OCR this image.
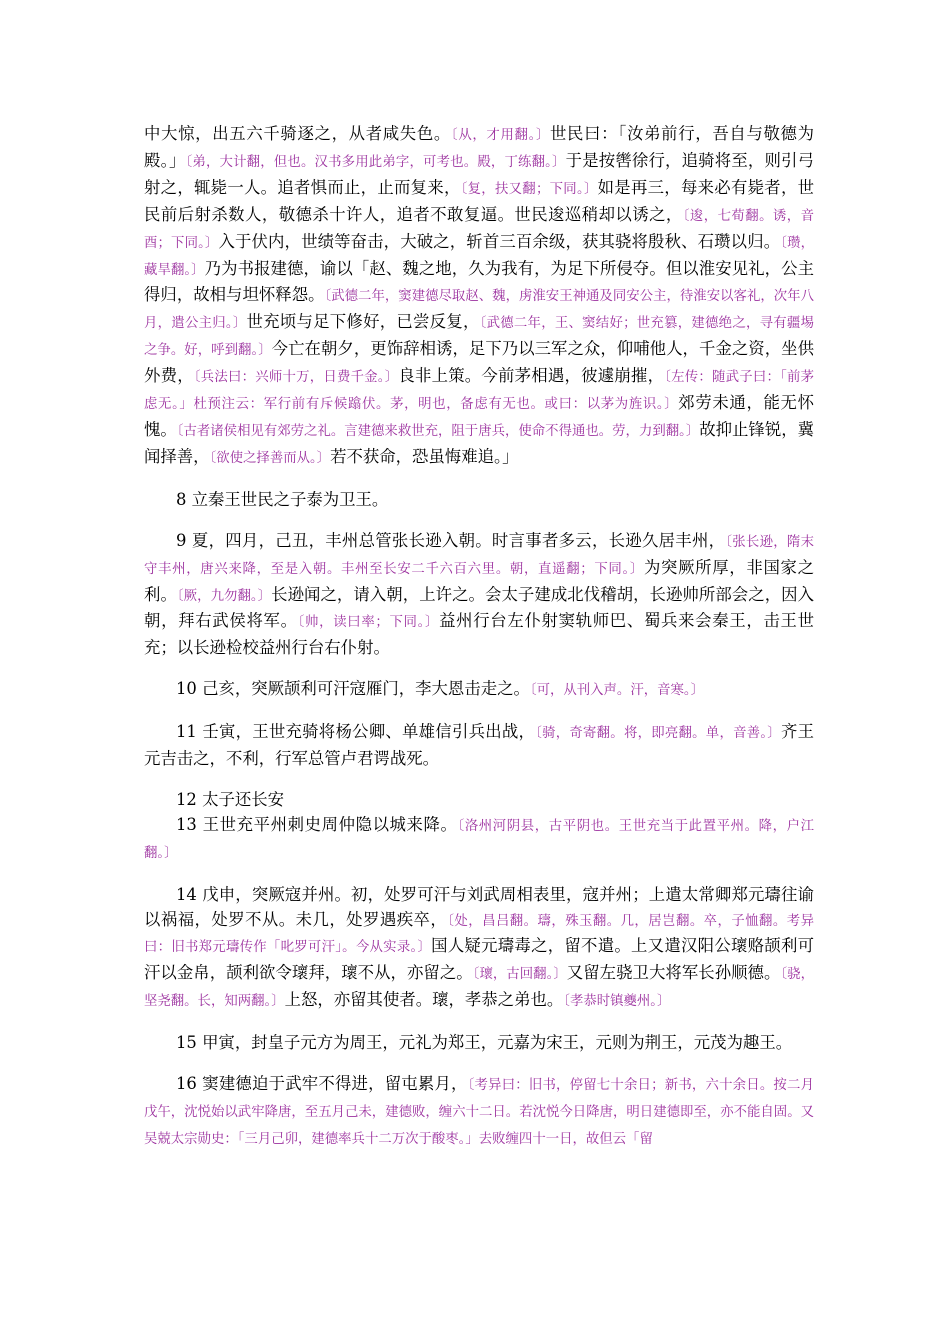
中大惊，出五六千骑逐之，从者咸失色。〔从，才用翻。〕世民曰：「汝弟前行，吾自与敬德为殿。」〔弟，大计翻，但也。汉书多用此弟字，可考也。殿，丁练翻。〕于是按辔徐行，追骑将至，则引弓射之，辄毙一人。追者惧而止，止而复来，〔复，扶又翻；下同。〕如是再三，每来必有毙者，世民前后射杀数人，敬德杀十许人，追者不敢复逼。世民逡巡稍却以诱之，〔逡，七荀翻。诱，音酉；下同。〕入于伏内，世绩等奋击，大破之，斩首三百余级，获其骁将殷秋、石瓒以归。〔瓒，藏旱翻。〕乃为书报建德，谕以「赵、魏之地，久为我有，为足下所侵夺。但以淮安见礼，公主得归，故相与坦怀释怨。〔武德二年，窦建德尽取赵、魏，虏淮安王神通及同安公主，待淮安以客礼，次年八月，遣公主归。〕世充顷与足下修好，已尝反复，〔武德二年，王、窦结好；世充篡，建德绝之，寻有疆埸之争。好，呼到翻。〕今亡在朝夕，更饰辞相诱，足下乃以三军之众，仰哺他人，千金之资，坐供外费，〔兵法曰：兴师十万，日费千金。〕良非上策。今前茅相遇，彼遽崩摧，〔左传：随武子曰：「前茅虑无。」杜预注云：军行前有斥候蹹伏。茅，明也，备虑有无也。或曰：以茅为旌识。〕郊劳未通，能无怀愧。〔古者诸侯相见有郊劳之礼。言建德来救世充，阻于唐兵，使命不得通也。劳，力到翻。〕故抑止锋锐，冀闻择善，〔欲使之择善而从。〕若不获命，恐虽悔难追。」

8 立秦王世民之子泰为卫王。

9 夏，四月，己丑，丰州总管张长逊入朝。时言事者多云，长逊久居丰州，〔张长逊，隋末守丰州，唐兴来降，至是入朝。丰州至长安二千六百六里。朝，直遥翻；下同。〕为突厥所厚，非国家之利。〔厥，九勿翻。〕长逊闻之，请入朝，上许之。会太子建成北伐稽胡，长逊帅所部会之，因入朝，拜右武侯将军。〔帅，读曰率；下同。〕益州行台左仆射窦轨师巴、蜀兵来会秦王，击王世充；以长逊检校益州行台右仆射。

10 己亥，突厥颉利可汗寇雁门，李大恩击走之。〔可，从刊入声。汗，音寒。〕

11 壬寅，王世充骑将杨公卿、单雄信引兵出战，〔骑，奇寄翻。将，即亮翻。单，音善。〕齐王元吉击之，不利，行军总管卢君谔战死。

12 太子还长安

13 王世充平州刺史周仲隐以城来降。〔洛州河阴县，古平阴也。王世充当于此置平州。降，户江翻。〕

14 戊申，突厥寇并州。初，处罗可汗与刘武周相表里，寇并州；上遣太常卿郑元璹往谕以祸福，处罗不从。未几，处罗遇疾卒，〔处，昌吕翻。璹，殊玉翻。几，居岂翻。卒，子恤翻。考异曰：旧书郑元璹传作「叱罗可汗」。今从实录。〕国人疑元璹毒之，留不遣。上又遣汉阳公瓌赂颉利可汗以金帛，颉利欲令瓌拜，瓌不从，亦留之。〔瓌，古回翻。〕又留左骁卫大将军长孙顺德。〔骁，坚尧翻。长，知两翻。〕上怒，亦留其使者。瓌，孝恭之弟也。〔孝恭时镇夔州。〕

15 甲寅，封皇子元方为周王，元礼为郑王，元嘉为宋王，元则为荆王，元茂为趣王。

16 窦建德迫于武牢不得进，留屯累月，〔考异曰：旧书，停留七十余日；新书，六十余日。按二月戊午，沈悦始以武牢降唐，至五月己未，建德败，缠六十二日。若沈悦今日降唐，明日建德即至，亦不能自固。又吴兢太宗勋史：「三月己卯，建德率兵十二万次于酸枣。」去败缠四十一日，故但云「留
